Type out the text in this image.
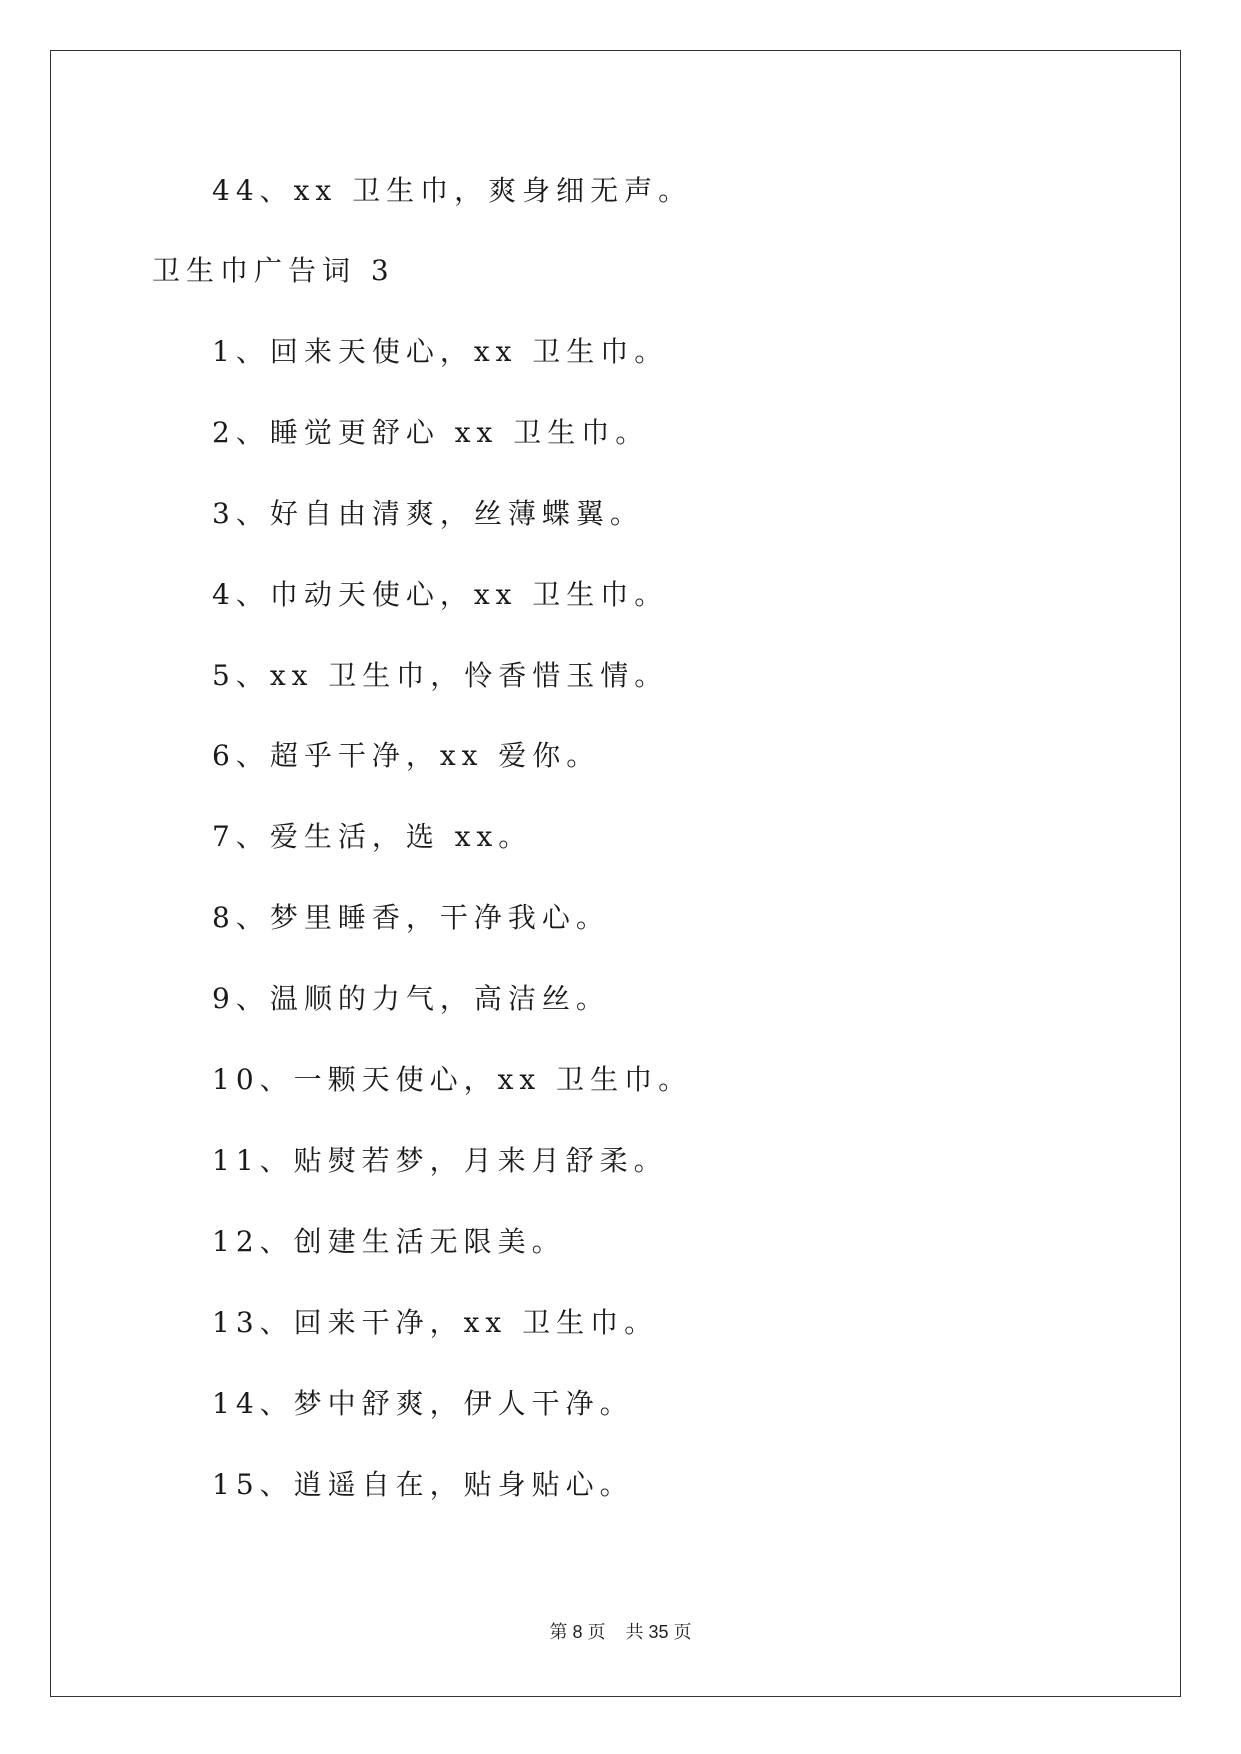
44、xx 卫生巾，爽身细无声。
卫生巾广告词 3
1、回来天使心，xx 卫生巾。
2、睡觉更舒心 xx 卫生巾。
3、好自由清爽，丝薄蝶翼。
4、巾动天使心，xx 卫生巾。
5、xx 卫生巾，怜香惜玉情。
6、超乎干净，xx 爱你。
7、爱生活，选 xx。
8、梦里睡香，干净我心。
9、温顺的力气，高洁丝。
10、一颗天使心，xx 卫生巾。
11、贴熨若梦，月来月舒柔。
12、创建生活无限美。
13、回来干净，xx 卫生巾。
14、梦中舒爽，伊人干净。
15、逍遥自在，贴身贴心。
第 8 页 共 35 页
